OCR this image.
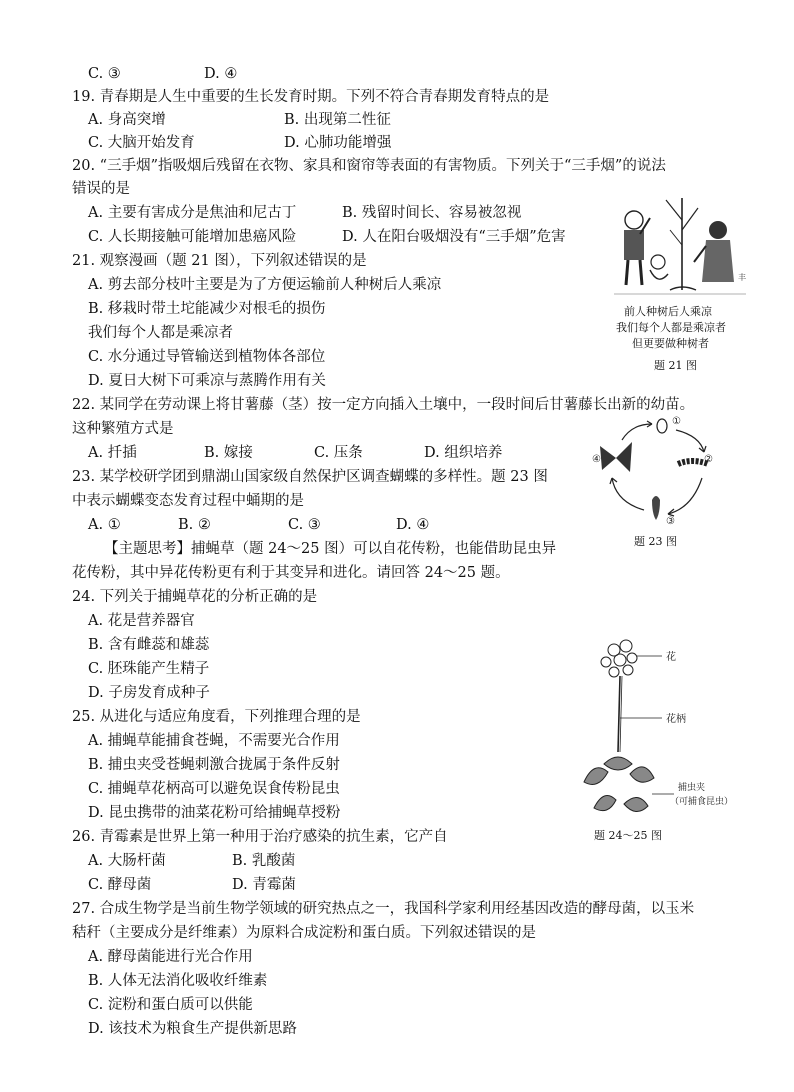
C. ③	D. ④
19. 青春期是人生中重要的生长发育时期。下列不符合青春期发育特点的是
A. 身高突增	B. 出现第二性征
C. 大脑开始发育	D. 心肺功能增强
20. “三手烟”指吸烟后残留在衣物、家具和窗帘等表面的有害物质。下列关于“三手烟”的说法
错误的是
A. 主要有害成分是焦油和尼古丁	B. 残留时间长、容易被忽视
C. 人长期接触可能增加患癌风险	D. 人在阳台吸烟没有“三手烟”危害
21. 观察漫画（题 21 图），下列叙述错误的是
A. 剪去部分枝叶主要是为了方便运输前人种树后人乘凉
B. 移栽时带土坨能减少对根毛的损伤
我们每个人都是乘凉者
C. 水分通过导管输送到植物体各部位
D. 夏日大树下可乘凉与蒸腾作用有关
22. 某同学在劳动课上将甘薯藤（茎）按一定方向插入土壤中，一段时间后甘薯藤长出新的幼苗。
这种繁殖方式是
A. 扦插	B. 嫁接	C. 压条	D. 组织培养
23. 某学校研学团到鼎湖山国家级自然保护区调查蝴蝶的多样性。题 23 图
中表示蝴蝶变态发育过程中蛹期的是
A. ①	B. ②	C. ③	D. ④
【主题思考】捕蝇草（题 24～25 图）可以自花传粉，也能借助昆虫异
花传粉，其中异花传粉更有利于其变异和进化。请回答 24～25 题。
24. 下列关于捕蝇草花的分析正确的是
A. 花是营养器官
B. 含有雌蕊和雄蕊
C. 胚珠能产生精子
D. 子房发育成种子
25. 从进化与适应角度看，下列推理合理的是
A. 捕蝇草能捕食苍蝇，不需要光合作用
B. 捕虫夹受苍蝇刺激合拢属于条件反射
C. 捕蝇草花柄高可以避免误食传粉昆虫
D. 昆虫携带的油菜花粉可给捕蝇草授粉
26. 青霉素是世界上第一种用于治疗感染的抗生素，它产自
A. 大肠杆菌	B. 乳酸菌
C. 酵母菌	D. 青霉菌
27. 合成生物学是当前生物学领域的研究热点之一，我国科学家利用经基因改造的酵母菌，以玉米
秸秆（主要成分是纤维素）为原料合成淀粉和蛋白质。下列叙述错误的是
A. 酵母菌能进行光合作用
B. 人体无法消化吸收纤维素
C. 淀粉和蛋白质可以供能
D. 该技术为粮食生产提供新思路
丰
前人种树后人乘凉
我们每个人都是乘凉者
但更要做种树者
题 21 图
①
②
③
④
题 23 图
花
花柄
捕虫夹
（可捕食昆虫）
题 24～25 图
